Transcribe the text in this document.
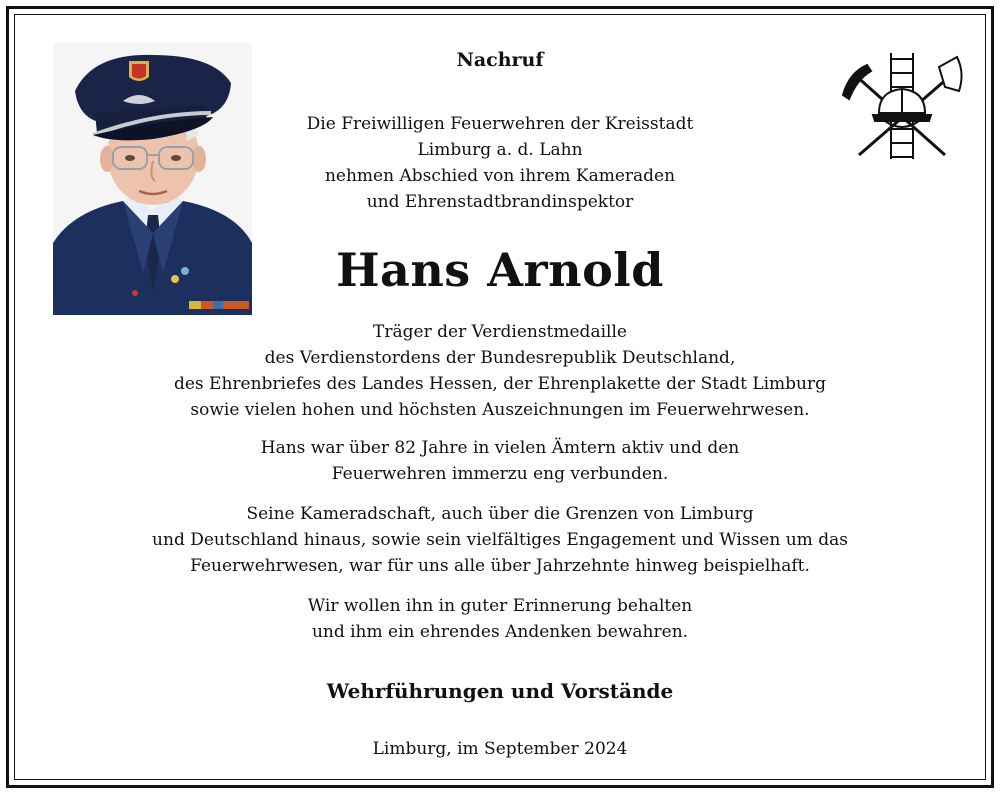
Nachruf
Die Freiwilligen Feuerwehren der Kreisstadt
Limburg a. d. Lahn
nehmen Abschied von ihrem Kameraden
und Ehrenstadtbrandinspektor
Hans Arnold
Träger der Verdienstmedaille
des Verdienstordens der Bundesrepublik Deutschland,
des Ehrenbriefes des Landes Hessen, der Ehrenplakette der Stadt Limburg
sowie vielen hohen und höchsten Auszeichnungen im Feuerwehrwesen.
Hans war über 82 Jahre in vielen Ämtern aktiv und den
Feuerwehren immerzu eng verbunden.
Seine Kameradschaft, auch über die Grenzen von Limburg
und Deutschland hinaus, sowie sein vielfältiges Engagement und Wissen um das
Feuerwehrwesen, war für uns alle über Jahrzehnte hinweg beispielhaft.
Wir wollen ihn in guter Erinnerung behalten
und ihm ein ehrendes Andenken bewahren.
Wehrführungen und Vorstände
Limburg, im September 2024
